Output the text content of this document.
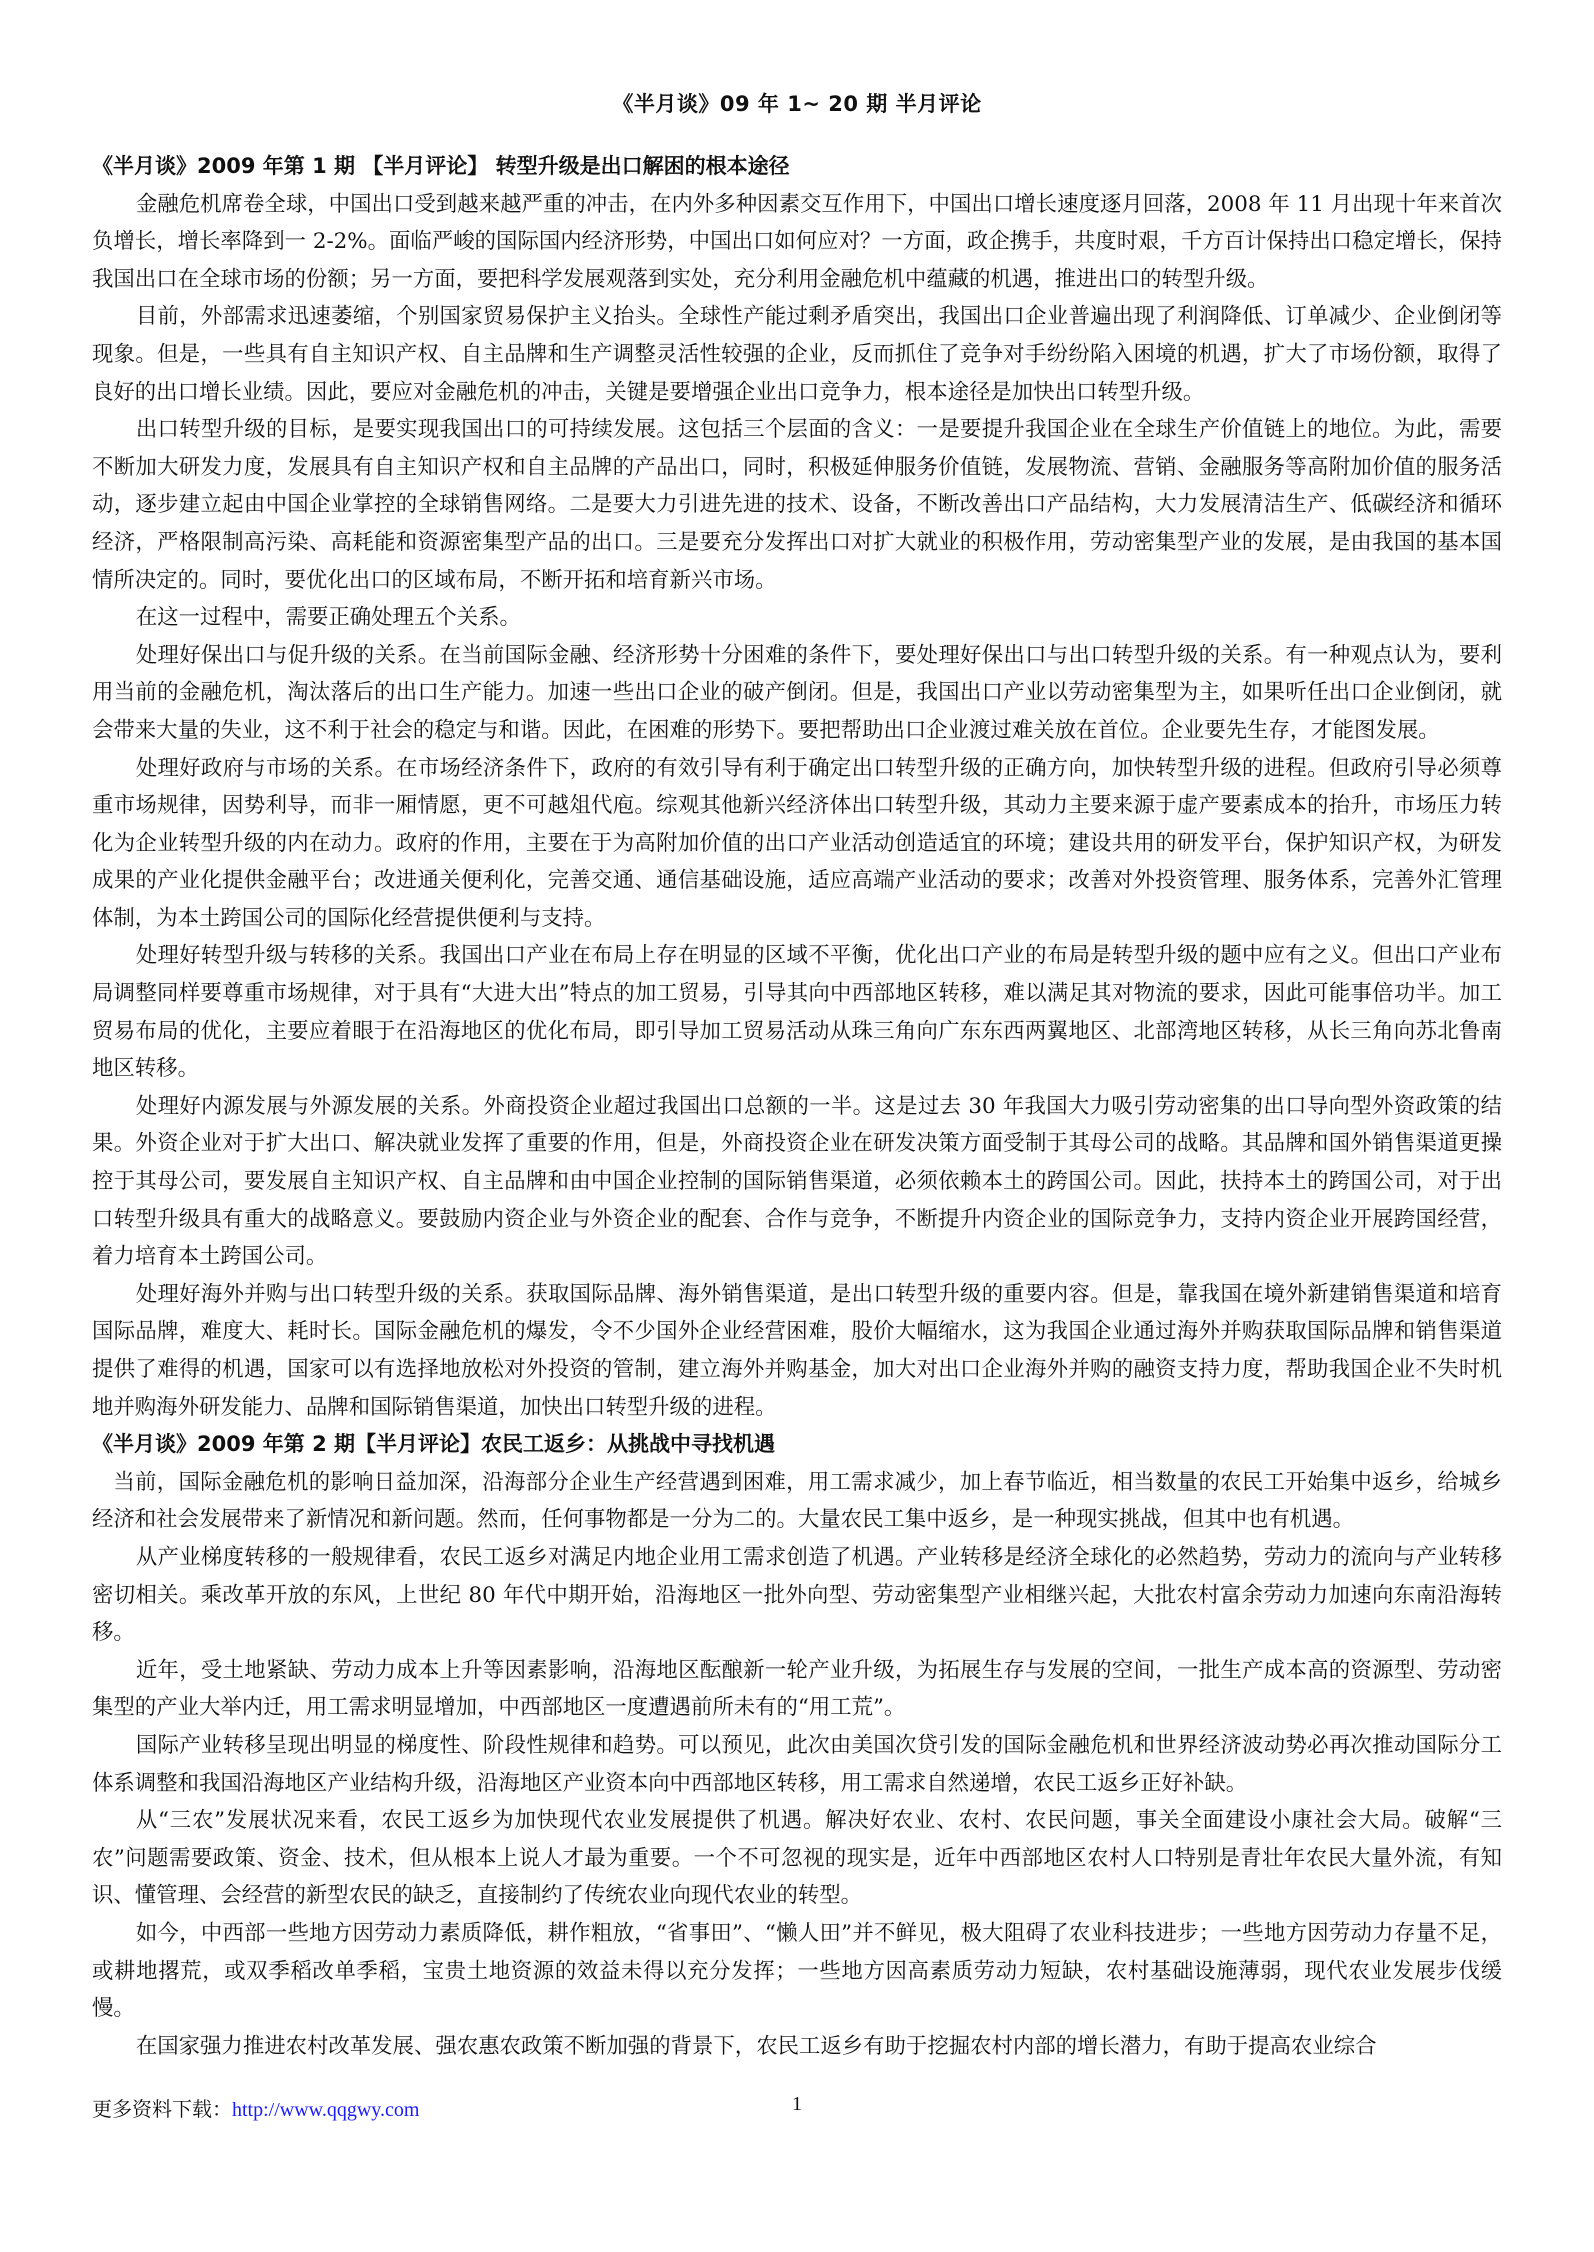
《半月谈》09 年 1~ 20 期 半月评论
《半月谈》2009 年第 1 期 【半月评论】 转型升级是出口解困的根本途径

金融危机席卷全球，中国出口受到越来越严重的冲击，在内外多种因素交互作用下，中国出口增长速度逐月回落，2008 年 11 月出现十年来首次负增长，增长率降到一 2-2%。面临严峻的国际国内经济形势，中国出口如何应对？一方面，政企携手，共度时艰，千方百计保持出口稳定增长，保持我国出口在全球市场的份额；另一方面，要把科学发展观落到实处，充分利用金融危机中蕴藏的机遇，推进出口的转型升级。

目前，外部需求迅速萎缩，个别国家贸易保护主义抬头。全球性产能过剩矛盾突出，我国出口企业普遍出现了利润降低、订单减少、企业倒闭等现象。但是，一些具有自主知识产权、自主品牌和生产调整灵活性较强的企业，反而抓住了竞争对手纷纷陷入困境的机遇，扩大了市场份额，取得了良好的出口增长业绩。因此，要应对金融危机的冲击，关键是要增强企业出口竞争力，根本途径是加快出口转型升级。

出口转型升级的目标，是要实现我国出口的可持续发展。这包括三个层面的含义：一是要提升我国企业在全球生产价值链上的地位。为此，需要不断加大研发力度，发展具有自主知识产权和自主品牌的产品出口，同时，积极延伸服务价值链，发展物流、营销、金融服务等高附加价值的服务活动，逐步建立起由中国企业掌控的全球销售网络。二是要大力引进先进的技术、设备，不断改善出口产品结构，大力发展清洁生产、低碳经济和循环经济，严格限制高污染、高耗能和资源密集型产品的出口。三是要充分发挥出口对扩大就业的积极作用，劳动密集型产业的发展，是由我国的基本国情所决定的。同时，要优化出口的区域布局，不断开拓和培育新兴市场。

在这一过程中，需要正确处理五个关系。

处理好保出口与促升级的关系。在当前国际金融、经济形势十分困难的条件下，要处理好保出口与出口转型升级的关系。有一种观点认为，要利用当前的金融危机，淘汰落后的出口生产能力。加速一些出口企业的破产倒闭。但是，我国出口产业以劳动密集型为主，如果听任出口企业倒闭，就会带来大量的失业，这不利于社会的稳定与和谐。因此，在困难的形势下。要把帮助出口企业渡过难关放在首位。企业要先生存，才能图发展。

处理好政府与市场的关系。在市场经济条件下，政府的有效引导有利于确定出口转型升级的正确方向，加快转型升级的进程。但政府引导必须尊重市场规律，因势利导，而非一厢情愿，更不可越俎代庖。综观其他新兴经济体出口转型升级，其动力主要来源于虚产要素成本的抬升，市场压力转化为企业转型升级的内在动力。政府的作用，主要在于为高附加价值的出口产业活动创造适宜的环境；建设共用的研发平台，保护知识产权，为研发成果的产业化提供金融平台；改进通关便利化，完善交通、通信基础设施，适应高端产业活动的要求；改善对外投资管理、服务体系，完善外汇管理体制，为本土跨国公司的国际化经营提供便利与支持。

处理好转型升级与转移的关系。我国出口产业在布局上存在明显的区域不平衡，优化出口产业的布局是转型升级的题中应有之义。但出口产业布局调整同样要尊重市场规律，对于具有“大进大出”特点的加工贸易，引导其向中西部地区转移，难以满足其对物流的要求，因此可能事倍功半。加工贸易布局的优化，主要应着眼于在沿海地区的优化布局，即引导加工贸易活动从珠三角向广东东西两翼地区、北部湾地区转移，从长三角向苏北鲁南地区转移。

处理好内源发展与外源发展的关系。外商投资企业超过我国出口总额的一半。这是过去 30 年我国大力吸引劳动密集的出口导向型外资政策的结果。外资企业对于扩大出口、解决就业发挥了重要的作用，但是，外商投资企业在研发决策方面受制于其母公司的战略。其品牌和国外销售渠道更操控于其母公司，要发展自主知识产权、自主品牌和由中国企业控制的国际销售渠道，必须依赖本土的跨国公司。因此，扶持本土的跨国公司，对于出口转型升级具有重大的战略意义。要鼓励内资企业与外资企业的配套、合作与竞争，不断提升内资企业的国际竞争力，支持内资企业开展跨国经营，着力培育本土跨国公司。

处理好海外并购与出口转型升级的关系。获取国际品牌、海外销售渠道，是出口转型升级的重要内容。但是，靠我国在境外新建销售渠道和培育国际品牌，难度大、耗时长。国际金融危机的爆发，令不少国外企业经营困难，股价大幅缩水，这为我国企业通过海外并购获取国际品牌和销售渠道提供了难得的机遇，国家可以有选择地放松对外投资的管制，建立海外并购基金，加大对出口企业海外并购的融资支持力度，帮助我国企业不失时机地并购海外研发能力、品牌和国际销售渠道，加快出口转型升级的进程。

《半月谈》2009 年第 2 期【半月评论】农民工返乡：从挑战中寻找机遇

当前，国际金融危机的影响日益加深，沿海部分企业生产经营遇到困难，用工需求减少，加上春节临近，相当数量的农民工开始集中返乡，给城乡经济和社会发展带来了新情况和新问题。然而，任何事物都是一分为二的。大量农民工集中返乡，是一种现实挑战，但其中也有机遇。

从产业梯度转移的一般规律看，农民工返乡对满足内地企业用工需求创造了机遇。产业转移是经济全球化的必然趋势，劳动力的流向与产业转移密切相关。乘改革开放的东风，上世纪 80 年代中期开始，沿海地区一批外向型、劳动密集型产业相继兴起，大批农村富余劳动力加速向东南沿海转移。

近年，受土地紧缺、劳动力成本上升等因素影响，沿海地区酝酿新一轮产业升级，为拓展生存与发展的空间，一批生产成本高的资源型、劳动密集型的产业大举内迁，用工需求明显增加，中西部地区一度遭遇前所未有的“用工荒”。

国际产业转移呈现出明显的梯度性、阶段性规律和趋势。可以预见，此次由美国次贷引发的国际金融危机和世界经济波动势必再次推动国际分工体系调整和我国沿海地区产业结构升级，沿海地区产业资本向中西部地区转移，用工需求自然递增，农民工返乡正好补缺。

从“三农”发展状况来看，农民工返乡为加快现代农业发展提供了机遇。解决好农业、农村、农民问题，事关全面建设小康社会大局。破解“三农”问题需要政策、资金、技术，但从根本上说人才最为重要。一个不可忽视的现实是，近年中西部地区农村人口特别是青壮年农民大量外流，有知识、懂管理、会经营的新型农民的缺乏，直接制约了传统农业向现代农业的转型。

如今，中西部一些地方因劳动力素质降低，耕作粗放，“省事田”、“懒人田”并不鲜见，极大阻碍了农业科技进步；一些地方因劳动力存量不足，或耕地撂荒，或双季稻改单季稻，宝贵土地资源的效益未得以充分发挥；一些地方因高素质劳动力短缺，农村基础设施薄弱，现代农业发展步伐缓慢。

在国家强力推进农村改革发展、强农惠农政策不断加强的背景下，农民工返乡有助于挖掘农村内部的增长潜力，有助于提高农业综合

更多资料下载：http://www.qqgwy.com	1
